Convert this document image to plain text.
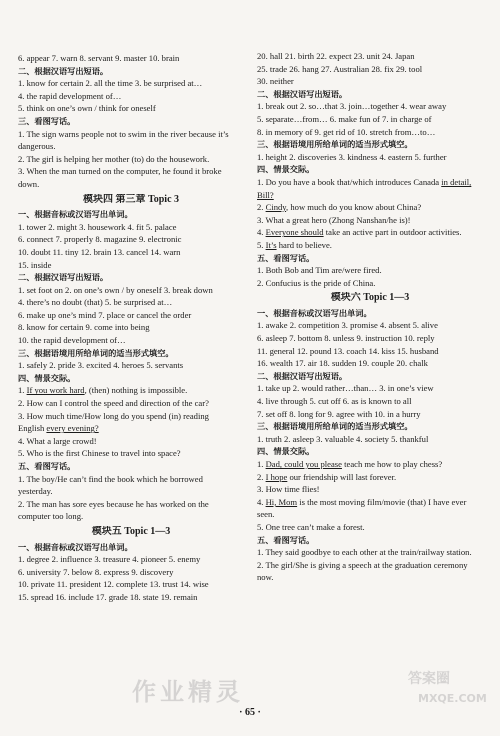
6. appear 7. warn 8. servant 9. master 10. brain
二、根据汉语写出短语。
1. know for certain 2. all the time 3. be surprised at…
4. the rapid development of…
5. think on one’s own / think for oneself
三、看图写话。
1. The sign warns people not to swim in the river because it’s
dangerous.
2. The girl is helping her mother (to) do the housework.
3. When the man turned on the computer, he found it broke
down.
模块四 第三章 Topic 3
一、根据音标或汉语写出单词。
1. tower 2. might 3. housework 4. fit 5. palace
6. connect 7. properly 8. magazine 9. electronic
10. doubt 11. tiny 12. brain 13. cancel 14. warn
15. inside
二、根据汉语写出短语。
1. set foot on 2. on one’s own / by oneself 3. break down
4. there’s no doubt (that) 5. be surprised at…
6. make up one’s mind 7. place or cancel the order
8. know for certain 9. come into being
10. the rapid development of…
三、根据语境用所给单词的适当形式填空。
1. safely 2. pride 3. excited 4. heroes 5. servants
四、情景交际。
1. If you work hard, (then) nothing is impossible.
2. How can I control the speed and direction of the car?
3. How much time/How long do you spend (in) reading
English every evening?
4. What a large crowd!
5. Who is the first Chinese to travel into space?
五、看图写话。
1. The boy/He can’t find the book which he borrowed
yesterday.
2. The man has sore eyes because he has worked on the
computer too long.
模块五 Topic 1—3
一、根据音标或汉语写出单词。
1. degree 2. influence 3. treasure 4. pioneer 5. enemy
6. university 7. below 8. express 9. discovery
10. private 11. president 12. complete 13. trust 14. wise
15. spread 16. include 17. grade 18. state 19. remain
20. hall 21. birth 22. expect 23. unit 24. Japan
25. trade 26. hang 27. Australian 28. fix 29. tool
30. neither
二、根据汉语写出短语。
1. break out 2. so…that 3. join…together 4. wear away
5. separate…from… 6. make fun of 7. in charge of
8. in memory of 9. get rid of 10. stretch from…to…
三、根据语境用所给单词的适当形式填空。
1. height 2. discoveries 3. kindness 4. eastern 5. further
四、情景交际。
1. Do you have a book that/which introduces Canada in detail,
Bill?
2. Cindy, how much do you know about China?
3. What a great hero (Zhong Nanshan/he is)!
4. Everyone should take an active part in outdoor activities.
5. It’s hard to believe.
五、看图写话。
1. Both Bob and Tim are/were fired.
2. Confucius is the pride of China.
模块六 Topic 1—3
一、根据音标或汉语写出单词。
1. awake 2. competition 3. promise 4. absent 5. alive
6. asleep 7. bottom 8. unless 9. instruction 10. reply
11. general 12. pound 13. coach 14. kiss 15. husband
16. wealth 17. air 18. sudden 19. couple 20. chalk
二、根据汉语写出短语。
1. take up 2. would rather…than… 3. in one’s view
4. live through 5. cut off 6. as is known to all
7. set off 8. long for 9. agree with 10. in a hurry
三、根据语境用所给单词的适当形式填空。
1. truth 2. asleep 3. valuable 4. society 5. thankful
四、情景交际。
1. Dad, could you please teach me how to play chess?
2. I hope our friendship will last forever.
3. How time flies!
4. Hi, Mom is the most moving film/movie (that) I have ever
seen.
5. One tree can’t make a forest.
五、看图写话。
1. They said goodbye to each other at the train/railway station.
2. The girl/She is giving a speech at the graduation ceremony
now.
· 65 ·
作业精灵	答案圈
MXQE.COM
